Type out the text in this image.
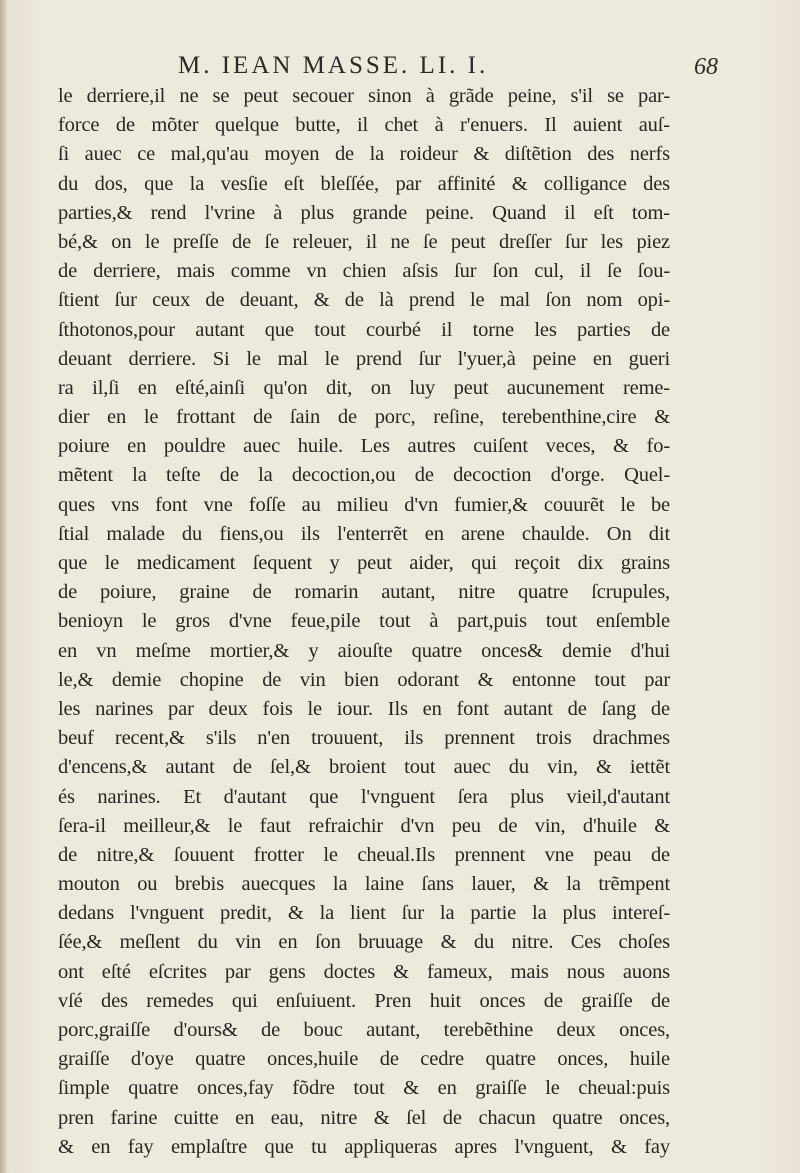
M. IEAN MASSE. LI. I.	68
le derriere,il ne se peut secouer sinon à grãde peine, s'il se par-
force de mõter quelque butte, il chet à r'enuers. Il auient auſ-
ſi auec ce mal,qu'au moyen de la roideur & diſtẽtion des nerfs
du dos, que la vesſie eſt bleſſée, par affinité & colligance des
parties,& rend l'vrine à plus grande peine. Quand il eſt tom-
bé,& on le preſſe de ſe releuer, il ne ſe peut dreſſer ſur les piez
de derriere, mais comme vn chien aſsis ſur ſon cul, il ſe ſou-
ſtient ſur ceux de deuant, & de là prend le mal ſon nom opi-
ſthotonos,pour autant que tout courbé il torne les parties de
deuant derriere. Si le mal le prend ſur l'yuer,à peine en gueri
ra il,ſi en eſté,ainſi qu'on dit, on luy peut aucunement reme-
dier en le frottant de ſain de porc, reſine, terebenthine,cire &
poiure en pouldre auec huile. Les autres cuiſent veces, & fo-
mẽtent la teſte de la decoction,ou de decoction d'orge. Quel-
ques vns font vne foſſe au milieu d'vn fumier,& couurẽt le be
ſtial malade du fiens,ou ils l'enterrẽt en arene chaulde. On dit
que le medicament ſequent y peut aider, qui reçoit dix grains
de poiure, graine de romarin autant, nitre quatre ſcrupules,
benioyn le gros d'vne feue,pile tout à part,puis tout enſemble
en vn meſme mortier,& y aiouſte quatre onces& demie d'hui
le,& demie chopine de vin bien odorant & entonne tout par
les narines par deux fois le iour. Ils en font autant de ſang de
beuf recent,& s'ils n'en trouuent, ils prennent trois drachmes
d'encens,& autant de ſel,& broient tout auec du vin, & iettẽt
és narines. Et d'autant que l'vnguent ſera plus vieil,d'autant
ſera-il meilleur,& le faut refraichir d'vn peu de vin, d'huile &
de nitre,& ſouuent frotter le cheual.Ils prennent vne peau de
mouton ou brebis auecques la laine ſans lauer, & la trẽmpent
dedans l'vnguent predit, & la lient ſur la partie la plus intereſ-
ſée,& meſlent du vin en ſon bruuage & du nitre. Ces choſes
ont eſté eſcrites par gens doctes & fameux, mais nous auons
vſé des remedes qui enſuiuent. Pren huit onces de graiſſe de
porc,graiſſe d'ours& de bouc autant, terebẽthine deux onces,
graiſſe d'oye quatre onces,huile de cedre quatre onces, huile
ſimple quatre onces,fay fõdre tout & en graiſſe le cheual:puis
pren farine cuitte en eau, nitre & ſel de chacun quatre onces,
& en fay emplaſtre que tu appliqueras apres l'vnguent, & fay
